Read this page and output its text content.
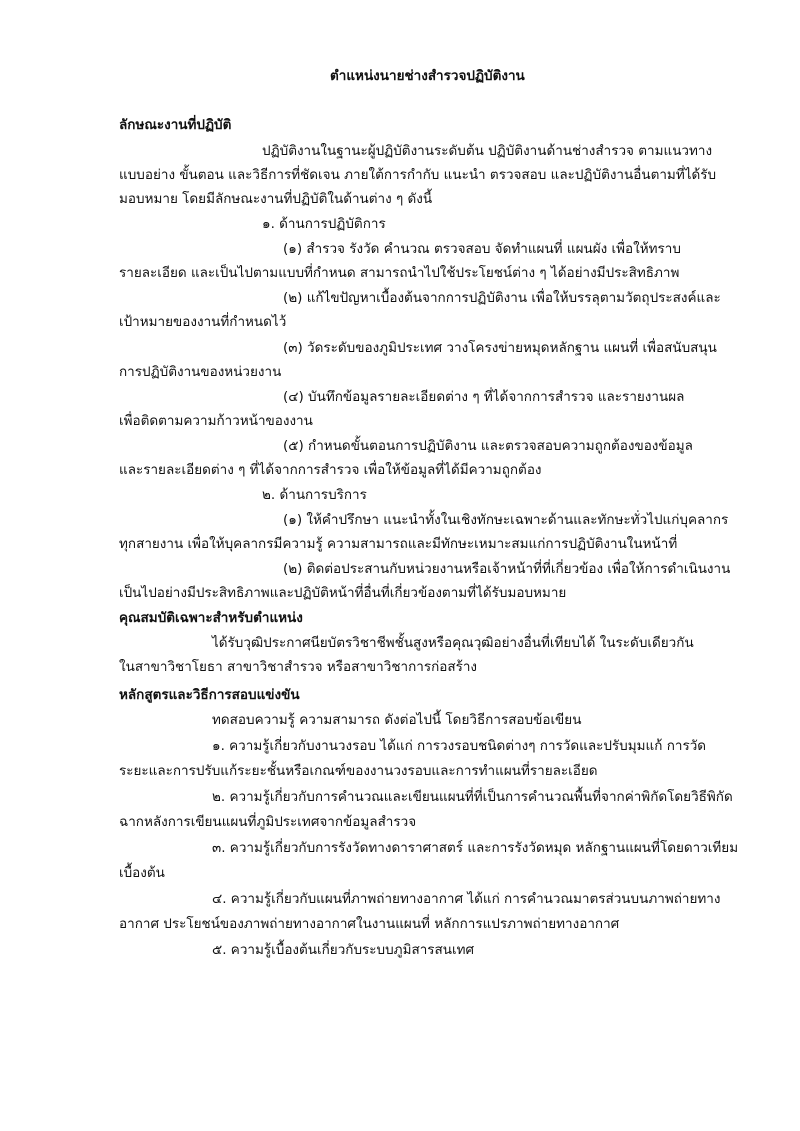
ตำแหน่งนายช่างสำรวจปฏิบัติงาน
ลักษณะงานที่ปฏิบัติ
ปฏิบัติงานในฐานะผู้ปฏิบัติงานระดับต้น ปฏิบัติงานด้านช่างสำรวจ ตามแนวทาง
แบบอย่าง ขั้นตอน และวิธีการที่ชัดเจน ภายใต้การกำกับ แนะนำ ตรวจสอบ และปฏิบัติงานอื่นตามที่ได้รับ
มอบหมาย โดยมีลักษณะงานที่ปฏิบัติในด้านต่าง ๆ ดังนี้
๑. ด้านการปฏิบัติการ
(๑) สำรวจ รังวัด คำนวณ ตรวจสอบ จัดทำแผนที่ แผนผัง เพื่อให้ทราบ
รายละเอียด และเป็นไปตามแบบที่กำหนด สามารถนำไปใช้ประโยชน์ต่าง ๆ ได้อย่างมีประสิทธิภาพ
(๒) แก้ไขปัญหาเบื้องต้นจากการปฏิบัติงาน เพื่อให้บรรลุตามวัตถุประสงค์และ
เป้าหมายของงานที่กำหนดไว้
(๓) วัดระดับของภูมิประเทศ วางโครงข่ายหมุดหลักฐาน แผนที่ เพื่อสนับสนุน
การปฏิบัติงานของหน่วยงาน
(๔) บันทึกข้อมูลรายละเอียดต่าง ๆ ที่ได้จากการสำรวจ และรายงานผล
เพื่อติดตามความก้าวหน้าของงาน
(๕) กำหนดขั้นตอนการปฏิบัติงาน และตรวจสอบความถูกต้องของข้อมูล
และรายละเอียดต่าง ๆ ที่ได้จากการสำรวจ เพื่อให้ข้อมูลที่ได้มีความถูกต้อง
๒. ด้านการบริการ
(๑) ให้คำปรึกษา แนะนำทั้งในเชิงทักษะเฉพาะด้านและทักษะทั่วไปแก่บุคลากร
ทุกสายงาน เพื่อให้บุคลากรมีความรู้ ความสามารถและมีทักษะเหมาะสมแก่การปฏิบัติงานในหน้าที่
(๒) ติดต่อประสานกับหน่วยงานหรือเจ้าหน้าที่ที่เกี่ยวข้อง เพื่อให้การดำเนินงาน
เป็นไปอย่างมีประสิทธิภาพและปฏิบัติหน้าที่อื่นที่เกี่ยวข้องตามที่ได้รับมอบหมาย
คุณสมบัติเฉพาะสำหรับตำแหน่ง
ได้รับวุฒิประกาศนียบัตรวิชาชีพชั้นสูงหรือคุณวุฒิอย่างอื่นที่เทียบได้ ในระดับเดียวกัน
ในสาขาวิชาโยธา สาขาวิชาสำรวจ หรือสาขาวิชาการก่อสร้าง
หลักสูตรและวิธีการสอบแข่งขัน
ทดสอบความรู้ ความสามารถ ดังต่อไปนี้ โดยวิธีการสอบข้อเขียน
๑. ความรู้เกี่ยวกับงานวงรอบ ได้แก่ การวงรอบชนิดต่างๆ การวัดและปรับมุมแก้ การวัด
ระยะและการปรับแก้ระยะชั้นหรือเกณฑ์ของงานวงรอบและการทำแผนที่รายละเอียด
๒. ความรู้เกี่ยวกับการคำนวณและเขียนแผนที่ที่เป็นการคำนวณพื้นที่จากค่าพิกัดโดยวิธีพิกัด
ฉากหลังการเขียนแผนที่ภูมิประเทศจากข้อมูลสำรวจ
๓. ความรู้เกี่ยวกับการรังวัดทางดาราศาสตร์ และการรังวัดหมุด หลักฐานแผนที่โดยดาวเทียม
เบื้องต้น
๔. ความรู้เกี่ยวกับแผนที่ภาพถ่ายทางอากาศ ได้แก่ การคำนวณมาตรส่วนบนภาพถ่ายทาง
อากาศ ประโยชน์ของภาพถ่ายทางอากาศในงานแผนที่ หลักการแปรภาพถ่ายทางอากาศ
๕. ความรู้เบื้องต้นเกี่ยวกับระบบภูมิสารสนเทศ
